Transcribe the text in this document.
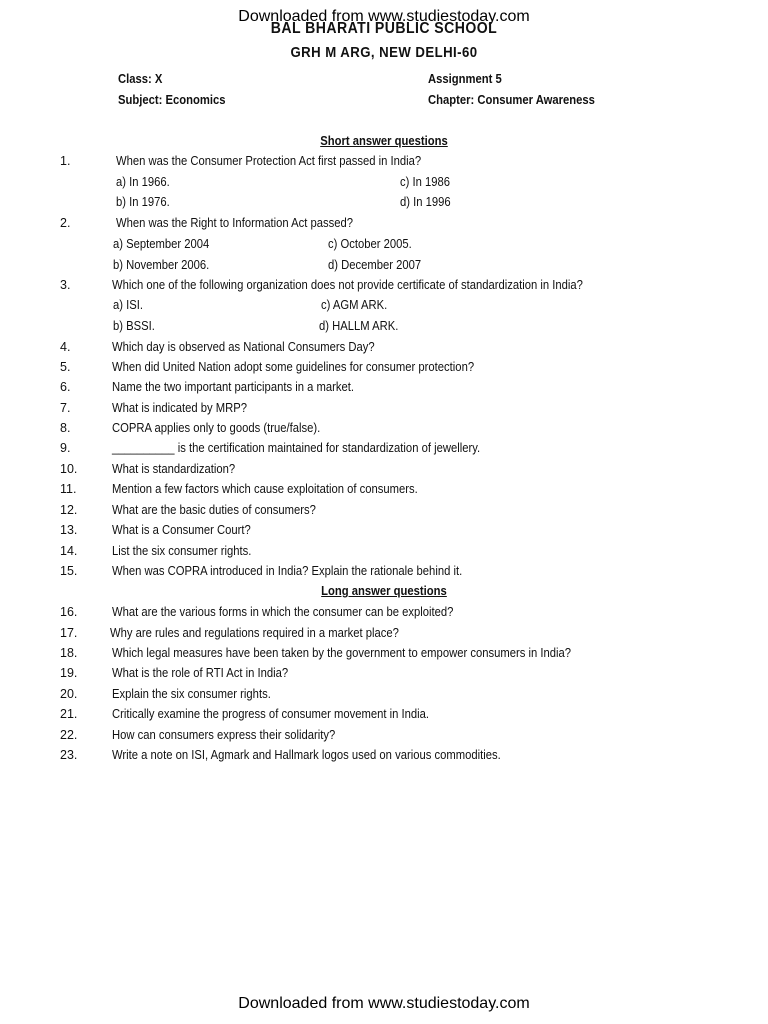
Downloaded from www.studiestoday.com
BAL BHARATI PUBLIC SCHOOL
GRH M ARG, NEW DELHI-60
Class: X	Assignment 5
Subject: Economics	Chapter: Consumer Awareness
Short answer questions
1.	When was the Consumer Protection Act first passed in India?
a) In 1966.	c) In 1986
b) In 1976.	d) In 1996
2.	When was the Right to Information Act passed?
a) September 2004	c) October 2005.
b) November 2006.	d) December 2007
3.	Which one of the following organization does not provide certificate of standardization in India?
a) ISI.	c) AGM ARK.
b) BSSI.	d) HALLM ARK.
4.	Which day is observed as National Consumers Day?
5.	When did United Nation adopt some guidelines for consumer protection?
6.	Name the two important participants in a market.
7.	What is indicated by MRP?
8.	COPRA applies only to goods (true/false).
9.	__________ is the certification maintained for standardization of jewellery.
10.	What is standardization?
11.	Mention a few factors which cause exploitation of consumers.
12.	What are the basic duties of consumers?
13.	What is a Consumer Court?
14.	List the six consumer rights.
15.	When was COPRA introduced in India? Explain the rationale behind it.
Long answer questions
16.	What are the various forms in which the consumer can be exploited?
17.	Why are rules and regulations required in a market place?
18.	Which legal measures have been taken by the government to empower consumers in India?
19.	What is the role of RTI Act in India?
20.	Explain the six consumer rights.
21.	Critically examine the progress of consumer movement in India.
22.	How can consumers express their solidarity?
23.	Write a note on ISI, Agmark and Hallmark logos used on various commodities.
Downloaded from www.studiestoday.com
